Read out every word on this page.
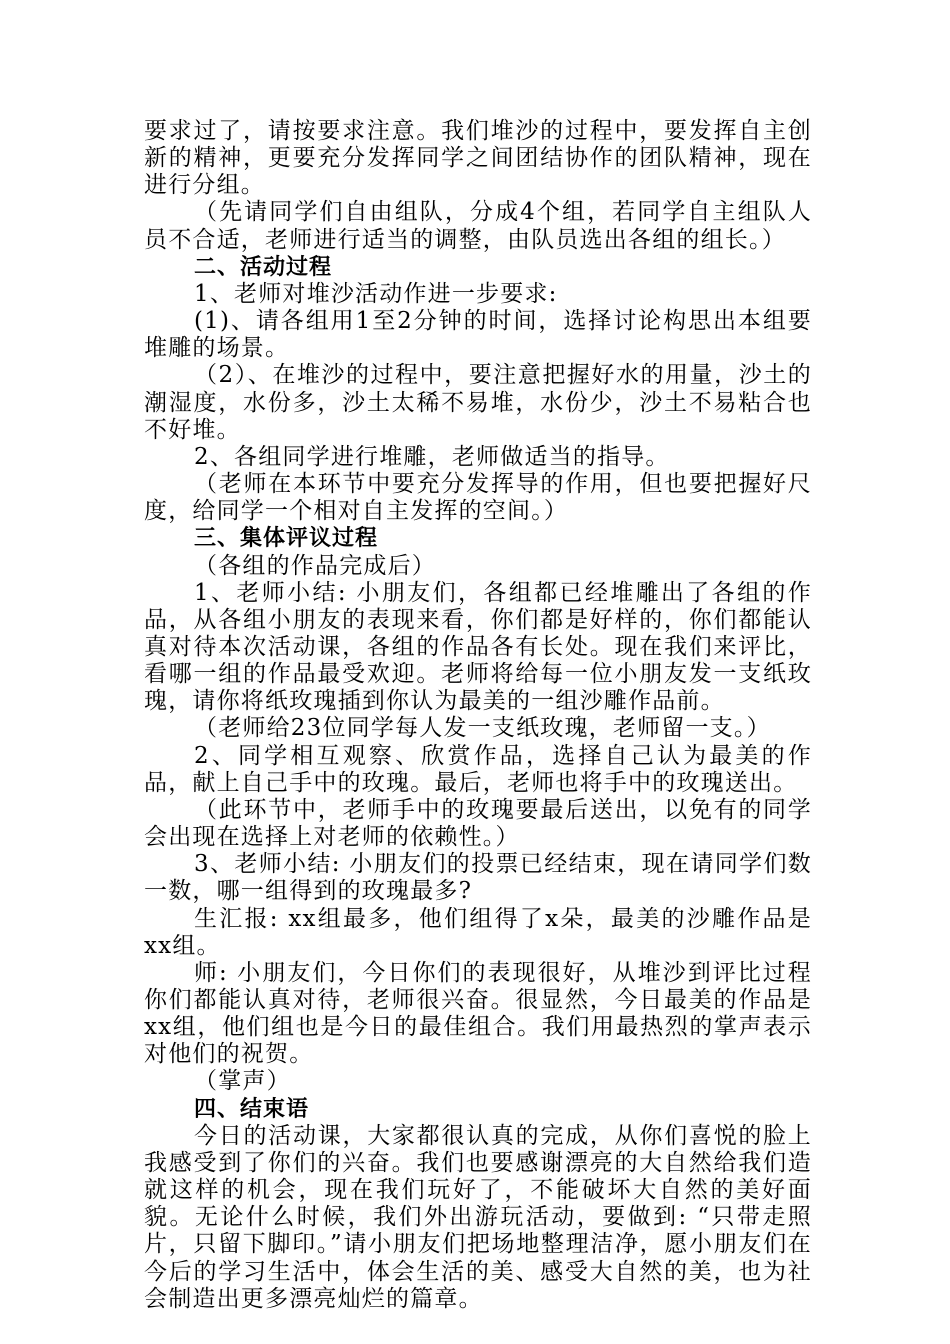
要求过了，请按要求注意。我们堆沙的过程中，要发挥自主创新的精神，更要充分发挥同学之间团结协作的团队精神，现在进行分组。

（先请同学们自由组队，分成4个组，若同学自主组队人员不合适，老师进行适当的调整，由队员选出各组的组长。）

二、活动过程

1、老师对堆沙活动作进一步要求:

(1)、请各组用1至2分钟的时间，选择讨论构思出本组要堆雕的场景。

（2）、在堆沙的过程中，要注意把握好水的用量，沙土的潮湿度，水份多，沙土太稀不易堆，水份少，沙土不易粘合也不好堆。

2、各组同学进行堆雕，老师做适当的指导。

（老师在本环节中要充分发挥导的作用，但也要把握好尺度，给同学一个相对自主发挥的空间。）

三、集体评议过程

（各组的作品完成后）

1、老师小结: 小朋友们，各组都已经堆雕出了各组的作品，从各组小朋友的表现来看，你们都是好样的，你们都能认真对待本次活动课，各组的作品各有长处。现在我们来评比，看哪一组的作品最受欢迎。老师将给每一位小朋友发一支纸玫瑰，请你将纸玫瑰插到你认为最美的一组沙雕作品前。

（老师给23位同学每人发一支纸玫瑰，老师留一支。）

2、同学相互观察、欣赏作品，选择自己认为最美的作品，献上自己手中的玫瑰。最后，老师也将手中的玫瑰送出。

（此环节中，老师手中的玫瑰要最后送出，以免有的同学会出现在选择上对老师的依赖性。）

3、老师小结: 小朋友们的投票已经结束，现在请同学们数一数，哪一组得到的玫瑰最多?

生汇报: xx组最多，他们组得了x朵，最美的沙雕作品是xx组。

师: 小朋友们，今日你们的表现很好，从堆沙到评比过程你们都能认真对待，老师很兴奋。很显然，今日最美的作品是xx组，他们组也是今日的最佳组合。我们用最热烈的掌声表示对他们的祝贺。

（掌声）

四、结束语

今日的活动课，大家都很认真的完成，从你们喜悦的脸上我感受到了你们的兴奋。我们也要感谢漂亮的大自然给我们造就这样的机会，现在我们玩好了，不能破坏大自然的美好面貌。无论什么时候，我们外出游玩活动，要做到: “只带走照片，只留下脚印。”请小朋友们把场地整理洁净，愿小朋友们在今后的学习生活中，体会生活的美、感受大自然的美，也为社会制造出更多漂亮灿烂的篇章。
